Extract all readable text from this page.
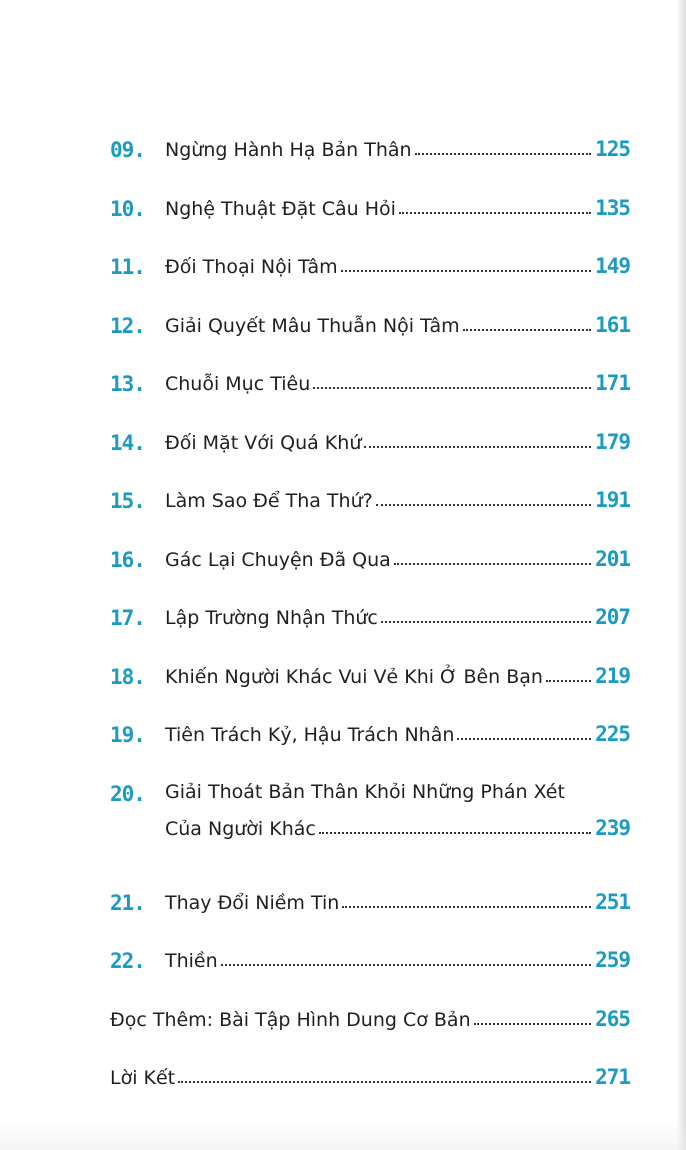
09. Ngừng Hành Hạ Bản Thân	125
10. Nghệ Thuật Đặt Câu Hỏi	135
11. Đối Thoại Nội Tâm	149
12. Giải Quyết Mâu Thuẫn Nội Tâm	161
13. Chuỗi Mục Tiêu	171
14. Đối Mặt Với Quá Khứ	179
15. Làm Sao Để Tha Thứ?	191
16. Gác Lại Chuyện Đã Qua	201
17. Lập Trường Nhận Thức	207
18. Khiến Người Khác Vui Vẻ Khi Ở Bên Bạn 219
19. Tiên Trách Kỷ, Hậu Trách Nhân	225
20. Giải Thoát Bản Thân Khỏi Những Phán Xét
Của Người Khác	239
21. Thay Đổi Niềm Tin	251
22. Thiền	259
Đọc Thêm: Bài Tập Hình Dung Cơ Bản	265
Lời Kết	271
